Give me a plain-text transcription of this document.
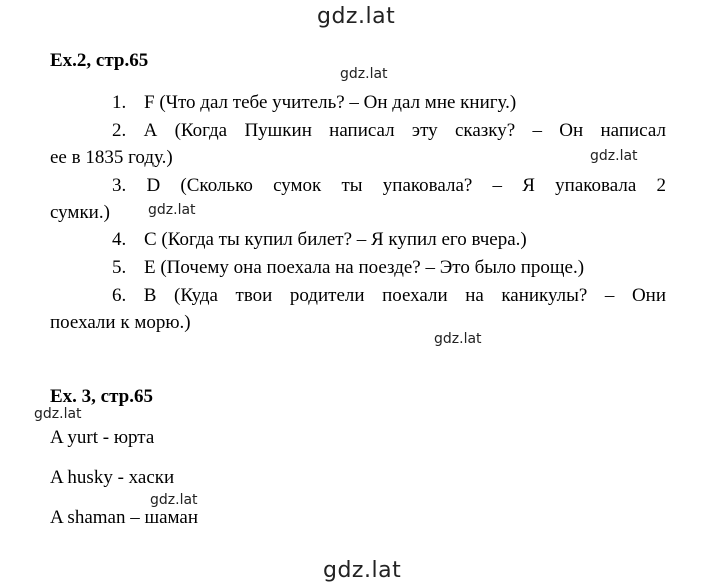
gdz.lat
gdz.lat
gdz.lat
gdz.lat
gdz.lat
gdz.lat
gdz.lat
gdz.lat
Ex.2, стр.65
1. F (Что дал тебе учитель? – Он дал мне книгу.)
2. A (Когда Пушкин написал эту сказку? – Он написал
ее в 1835 году.)
3. D (Сколько сумок ты упаковала? – Я упаковала 2
сумки.)
4. C (Когда ты купил билет? – Я купил его вчера.)
5. E (Почему она поехала на поезде? – Это было проще.)
6. B (Куда твои родители поехали на каникулы? – Они
поехали к морю.)
Ex. 3, стр.65
A yurt - юрта
A husky - хаски
A shaman – шаман
